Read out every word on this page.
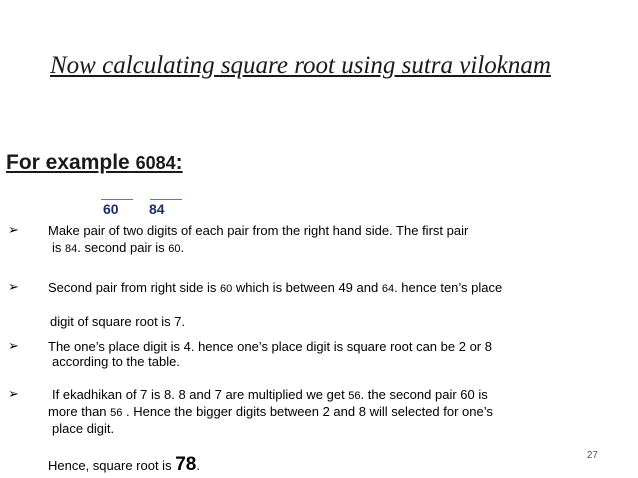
Now calculating square root using sutra viloknam
For example 6084:
60 84
➢ Make pair of two digits of each pair from the right hand side. The first pair
is 84. second pair is 60.
➢ Second pair from right side is 60 which is between 49 and 64. hence ten’s place
digit of square root is 7.
➢ The one’s place digit is 4. hence one’s place digit is square root can be 2 or 8
according to the table.
➢	If ekadhikan of 7 is 8. 8 and 7 are multiplied we get 56. the second pair 60 is
more than 56 . Hence the bigger digits between 2 and 8 will selected for one’s
place digit.
Hence, square root is 78.
27
